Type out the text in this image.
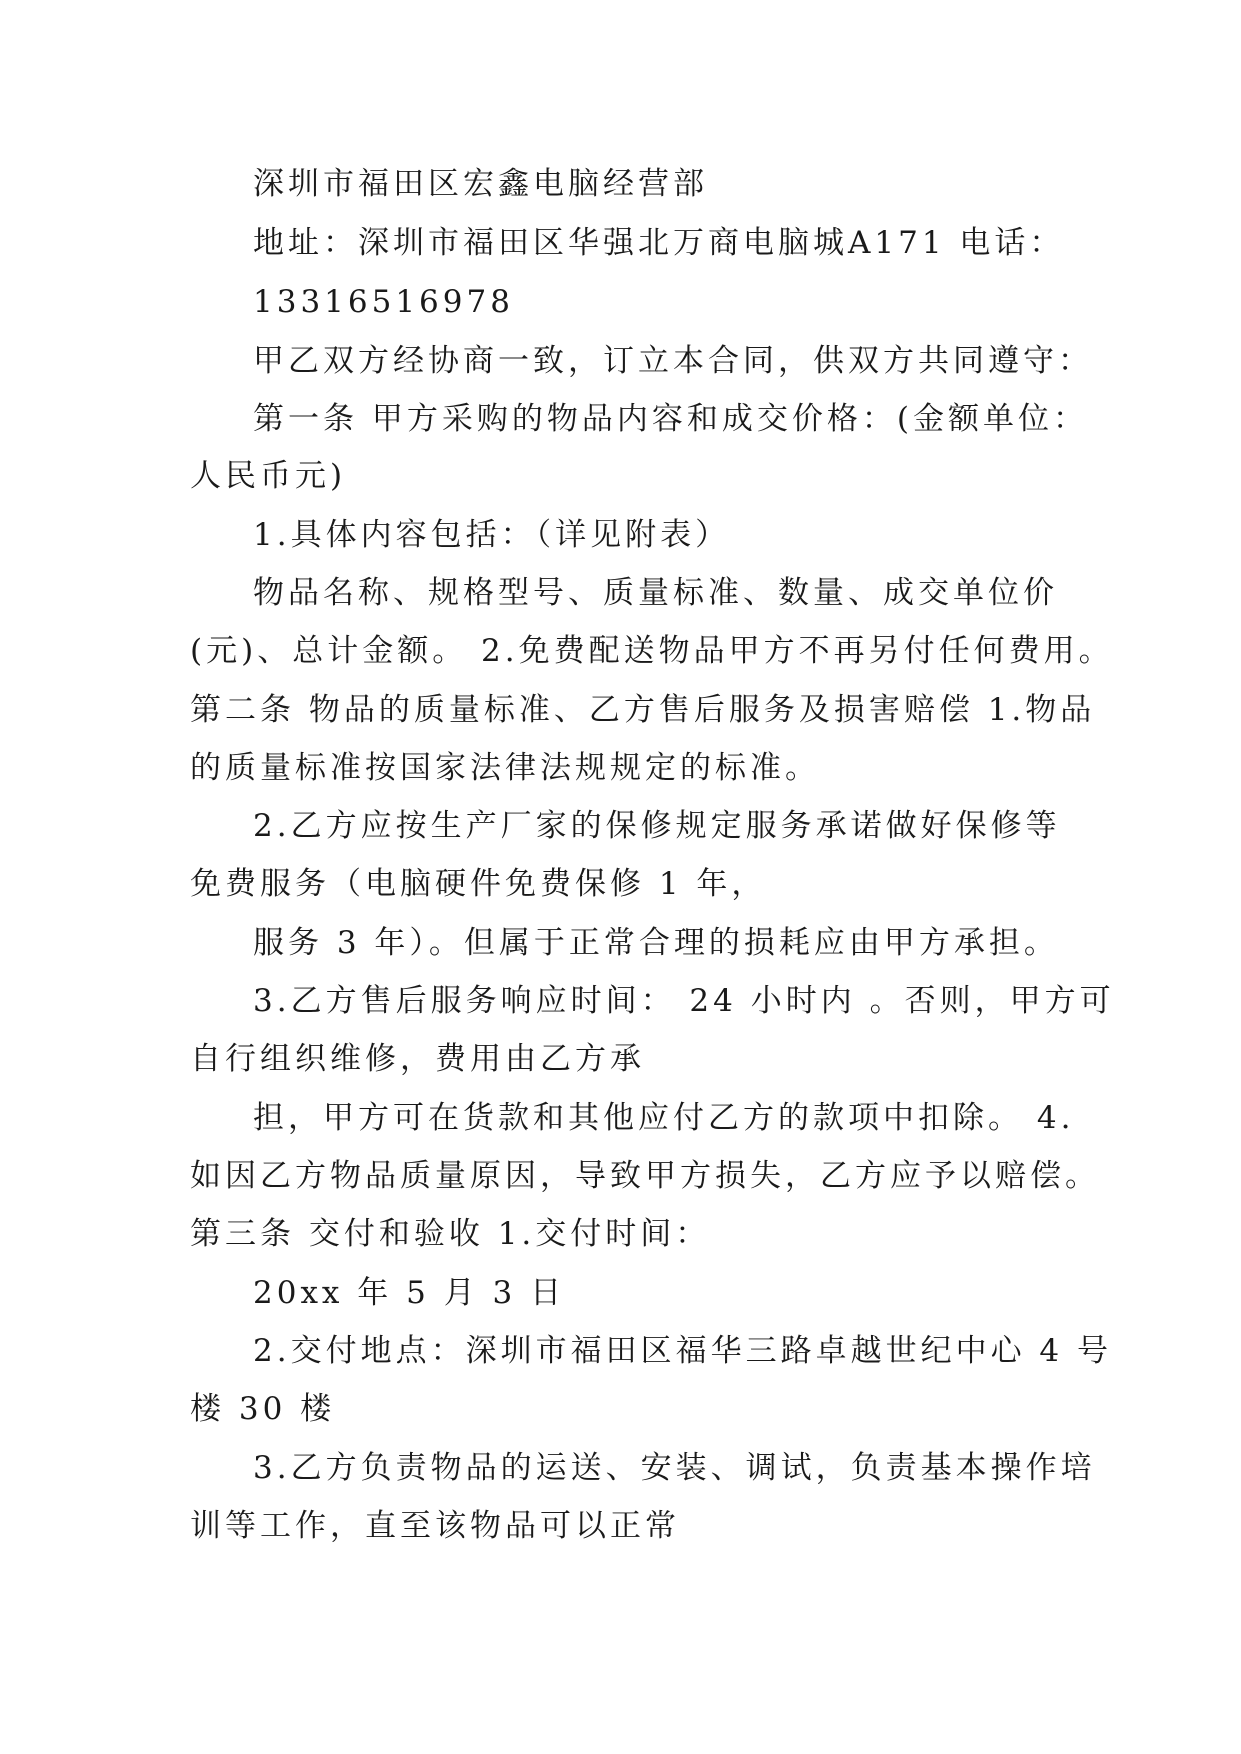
深圳市福田区宏鑫电脑经营部
地址：深圳市福田区华强北万商电脑城A171 电话：
13316516978
甲乙双方经协商一致，订立本合同，供双方共同遵守：
第一条 甲方采购的物品内容和成交价格：(金额单位：
人民币元)
1.具体内容包括：（详见附表）
物品名称、规格型号、质量标准、数量、成交单位价
(元)、总计金额。 2.免费配送物品甲方不再另付任何费用。
第二条 物品的质量标准、乙方售后服务及损害赔偿 1.物品
的质量标准按国家法律法规规定的标准。
2.乙方应按生产厂家的保修规定服务承诺做好保修等
免费服务（电脑硬件免费保修 1 年，
服务 3 年）。但属于正常合理的损耗应由甲方承担。
3.乙方售后服务响应时间： 24 小时内 。否则，甲方可
自行组织维修，费用由乙方承
担，甲方可在货款和其他应付乙方的款项中扣除。 4.
如因乙方物品质量原因，导致甲方损失，乙方应予以赔偿。
第三条 交付和验收 1.交付时间：
20xx 年 5 月 3 日
2.交付地点：深圳市福田区福华三路卓越世纪中心 4 号
楼 30 楼
3.乙方负责物品的运送、安装、调试，负责基本操作培
训等工作，直至该物品可以正常
